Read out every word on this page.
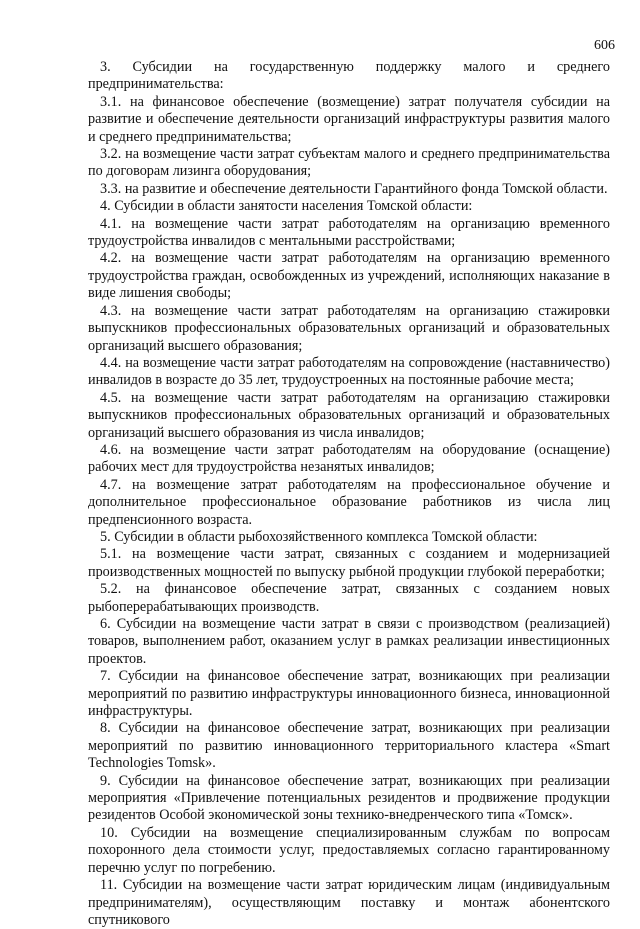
606

3. Субсидии на государственную поддержку малого и среднего предпринимательства:

3.1. на финансовое обеспечение (возмещение) затрат получателя субсидии на развитие и обеспечение деятельности организаций инфраструктуры развития малого и среднего предпринимательства;

3.2. на возмещение части затрат субъектам малого и среднего предпринимательства по договорам лизинга оборудования;

3.3. на развитие и обеспечение деятельности Гарантийного фонда Томской области.

4. Субсидии в области занятости населения Томской области:

4.1. на возмещение части затрат работодателям на организацию временного трудоустройства инвалидов с ментальными расстройствами;

4.2. на возмещение части затрат работодателям на организацию временного трудоустройства граждан, освобожденных из учреждений, исполняющих наказание в виде лишения свободы;

4.3. на возмещение части затрат работодателям на организацию стажировки выпускников профессиональных образовательных организаций и образовательных организаций высшего образования;

4.4. на возмещение части затрат работодателям на сопровождение (наставничество) инвалидов в возрасте до 35 лет, трудоустроенных на постоянные рабочие места;

4.5. на возмещение части затрат работодателям на организацию стажировки выпускников профессиональных образовательных организаций и образовательных организаций высшего образования из числа инвалидов;

4.6. на возмещение части затрат работодателям на оборудование (оснащение) рабочих мест для трудоустройства незанятых инвалидов;

4.7. на возмещение затрат работодателям на профессиональное обучение и дополнительное профессиональное образование работников из числа лиц предпенсионного возраста.

5. Субсидии в области рыбохозяйственного комплекса Томской области:

5.1. на возмещение части затрат, связанных с созданием и модернизацией производственных мощностей по выпуску рыбной продукции глубокой переработки;

5.2. на финансовое обеспечение затрат, связанных с созданием новых рыбоперерабатывающих производств.

6. Субсидии на возмещение части затрат в связи с производством (реализацией) товаров, выполнением работ, оказанием услуг в рамках реализации инвестиционных проектов.

7. Субсидии на финансовое обеспечение затрат, возникающих при реализации мероприятий по развитию инфраструктуры инновационного бизнеса, инновационной инфраструктуры.

8. Субсидии на финансовое обеспечение затрат, возникающих при реализации мероприятий по развитию инновационного территориального кластера «Smart Technologies Tomsk».

9. Субсидии на финансовое обеспечение затрат, возникающих при реализации мероприятия «Привлечение потенциальных резидентов и продвижение продукции резидентов Особой экономической зоны технико-внедренческого типа «Томск».

10. Субсидии на возмещение специализированным службам по вопросам похоронного дела стоимости услуг, предоставляемых согласно гарантированному перечню услуг по погребению.

11. Субсидии на возмещение части затрат юридическим лицам (индивидуальным предпринимателям), осуществляющим поставку и монтаж абонентского спутникового
